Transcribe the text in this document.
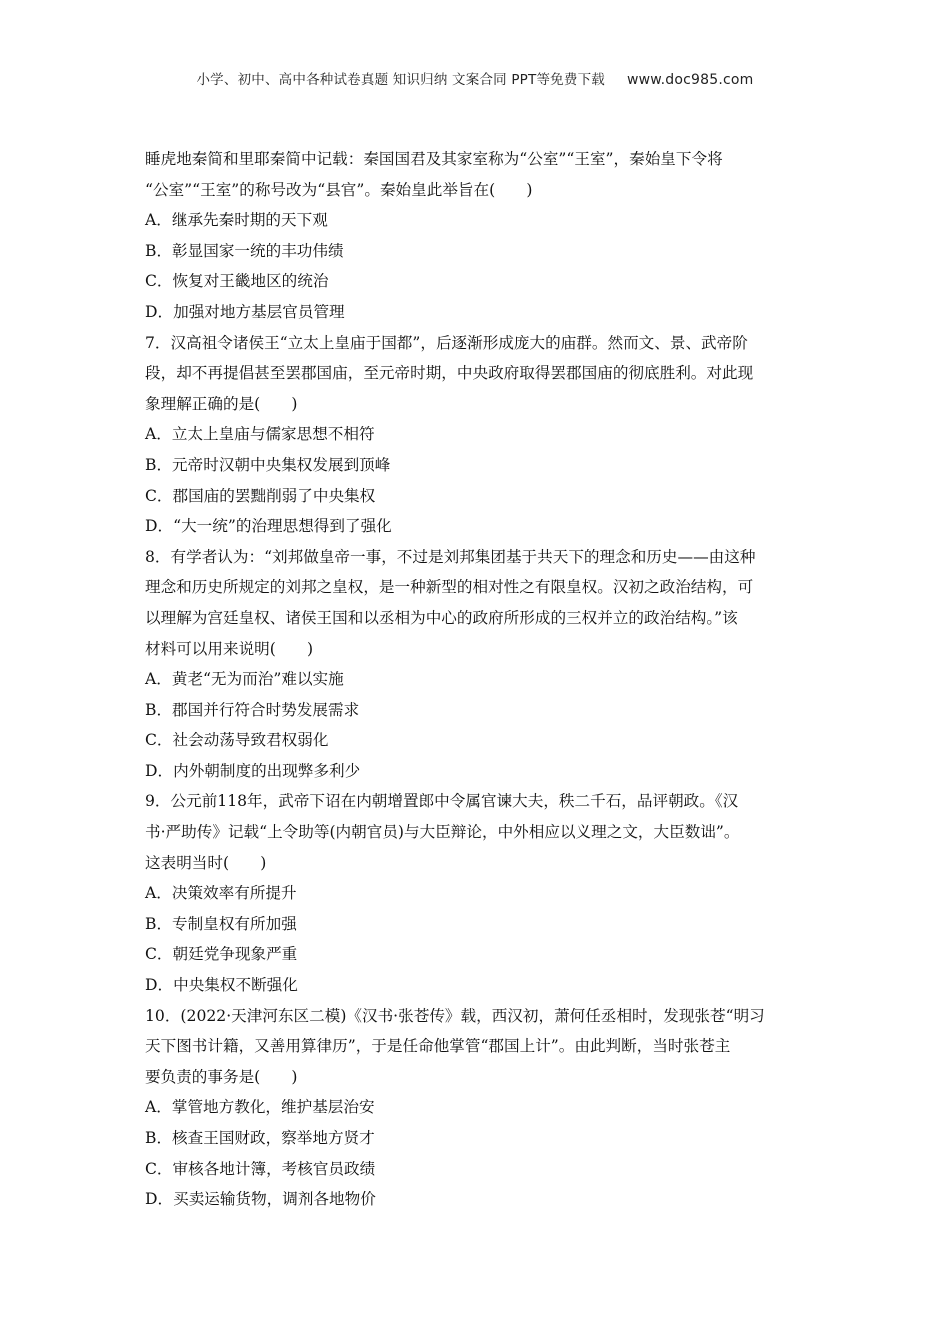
小学、初中、高中各种试卷真题 知识归纳 文案合同 PPT等免费下载 www.doc985.com

睡虎地秦简和里耶秦简中记载：秦国国君及其家室称为“公室”“王室”，秦始皇下令将

“公室”“王室”的称号改为“县官”。秦始皇此举旨在(　　)

A．继承先秦时期的天下观

B．彰显国家一统的丰功伟绩

C．恢复对王畿地区的统治

D．加强对地方基层官员管理

7．汉高祖令诸侯王“立太上皇庙于国都”，后逐渐形成庞大的庙群。然而文、景、武帝阶

段，却不再提倡甚至罢郡国庙，至元帝时期，中央政府取得罢郡国庙的彻底胜利。对此现

象理解正确的是(　　)

A．立太上皇庙与儒家思想不相符

B．元帝时汉朝中央集权发展到顶峰

C．郡国庙的罢黜削弱了中央集权

D．“大一统”的治理思想得到了强化

8．有学者认为：“刘邦做皇帝一事，不过是刘邦集团基于共天下的理念和历史——由这种

理念和历史所规定的刘邦之皇权，是一种新型的相对性之有限皇权。汉初之政治结构，可

以理解为宫廷皇权、诸侯王国和以丞相为中心的政府所形成的三权并立的政治结构。”该

材料可以用来说明(　　)

A．黄老“无为而治”难以实施

B．郡国并行符合时势发展需求

C．社会动荡导致君权弱化

D．内外朝制度的出现弊多利少

9．公元前118年，武帝下诏在内朝增置郎中令属官谏大夫，秩二千石，品评朝政。《汉

书·严助传》记载“上令助等(内朝官员)与大臣辩论，中外相应以义理之文，大臣数诎”。

这表明当时(　　)

A．决策效率有所提升

B．专制皇权有所加强

C．朝廷党争现象严重

D．中央集权不断强化

10．(2022·天津河东区二模)《汉书·张苍传》载，西汉初，萧何任丞相时，发现张苍“明习

天下图书计籍，又善用算律历”，于是任命他掌管“郡国上计”。由此判断，当时张苍主

要负责的事务是(　　)

A．掌管地方教化，维护基层治安

B．核查王国财政，察举地方贤才

C．审核各地计簿，考核官员政绩

D．买卖运输货物，调剂各地物价
